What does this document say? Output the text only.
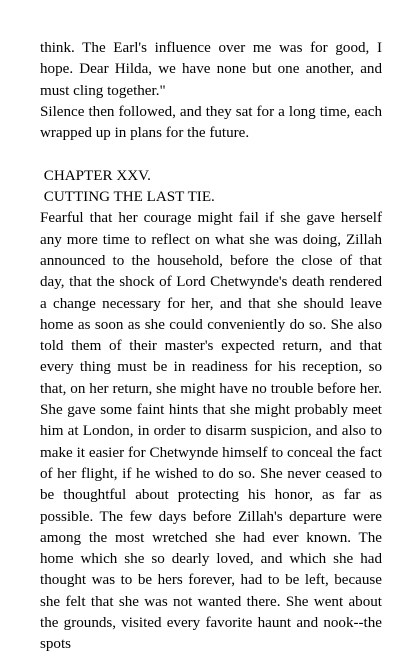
think. The Earl's influence over me was for good, I hope. Dear Hilda, we have none but one another, and must cling together."

Silence then followed, and they sat for a long time, each wrapped up in plans for the future.

CHAPTER XXV.

CUTTING THE LAST TIE.

Fearful that her courage might fail if she gave herself any more time to reflect on what she was doing, Zillah announced to the household, before the close of that day, that the shock of Lord Chetwynde's death rendered a change necessary for her, and that she should leave home as soon as she could conveniently do so. She also told them of their master's expected return, and that every thing must be in readiness for his reception, so that, on her return, she might have no trouble before her. She gave some faint hints that she might probably meet him at London, in order to disarm suspicion, and also to make it easier for Chetwynde himself to conceal the fact of her flight, if he wished to do so. She never ceased to be thoughtful about protecting his honor, as far as possible. The few days before Zillah's departure were among the most wretched she had ever known. The home which she so dearly loved, and which she had thought was to be hers forever, had to be left, because she felt that she was not wanted there. She went about the grounds, visited every favorite haunt and nook--the spots
